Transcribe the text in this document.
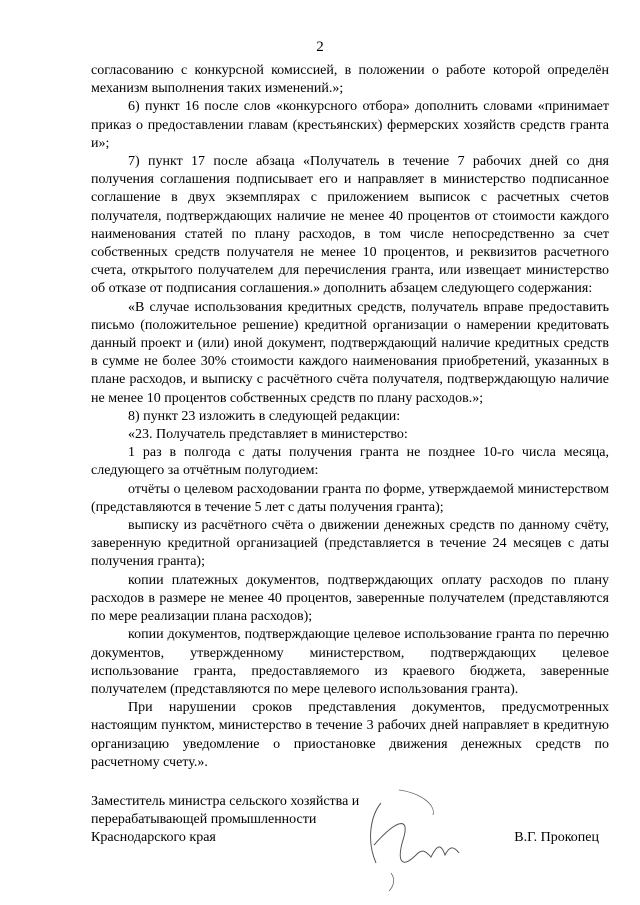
2

согласованию с конкурсной комиссией, в положении о работе которой определён механизм выполнения таких изменений.»;

6) пункт 16 после слов «конкурсного отбора» дополнить словами «принимает приказ о предоставлении главам (крестьянских) фермерских хозяйств средств гранта и»;

7) пункт 17 после абзаца «Получатель в течение 7 рабочих дней со дня получения соглашения подписывает его и направляет в министерство подписанное соглашение в двух экземплярах с приложением выписок с расчетных счетов получателя, подтверждающих наличие не менее 40 процентов от стоимости каждого наименования статей по плану расходов, в том числе непосредственно за счет собственных средств получателя не менее 10 процентов, и реквизитов расчетного счета, открытого получателем для перечисления гранта, или извещает министерство об отказе от подписания соглашения.» дополнить абзацем следующего содержания:

«В случае использования кредитных средств, получатель вправе предоставить письмо (положительное решение) кредитной организации о намерении кредитовать данный проект и (или) иной документ, подтверждающий наличие кредитных средств в сумме не более 30% стоимости каждого наименования приобретений, указанных в плане расходов, и выписку с расчётного счёта получателя, подтверждающую наличие не менее 10 процентов собственных средств по плану расходов.»;

8) пункт 23 изложить в следующей редакции:

«23. Получатель представляет в министерство:

1 раз в полгода с даты получения гранта не позднее 10-го числа месяца, следующего за отчётным полугодием:

отчёты о целевом расходовании гранта по форме, утверждаемой министерством (представляются в течение 5 лет с даты получения гранта);

выписку из расчётного счёта о движении денежных средств по данному счёту, заверенную кредитной организацией (представляется в течение 24 месяцев с даты получения гранта);

копии платежных документов, подтверждающих оплату расходов по плану расходов в размере не менее 40 процентов, заверенные получателем (представляются по мере реализации плана расходов);

копии документов, подтверждающие целевое использование гранта по перечню документов, утвержденному министерством, подтверждающих целевое использование гранта, предоставляемого из краевого бюджета, заверенные получателем (представляются по мере целевого использования гранта).

При нарушении сроков представления документов, предусмотренных настоящим пунктом, министерство в течение 3 рабочих дней направляет в кредитную организацию уведомление о приостановке движения денежных средств по расчетному счету.».

Заместитель министра сельского хозяйства и перерабатывающей промышленности Краснодарского края	В.Г. Прокопец
